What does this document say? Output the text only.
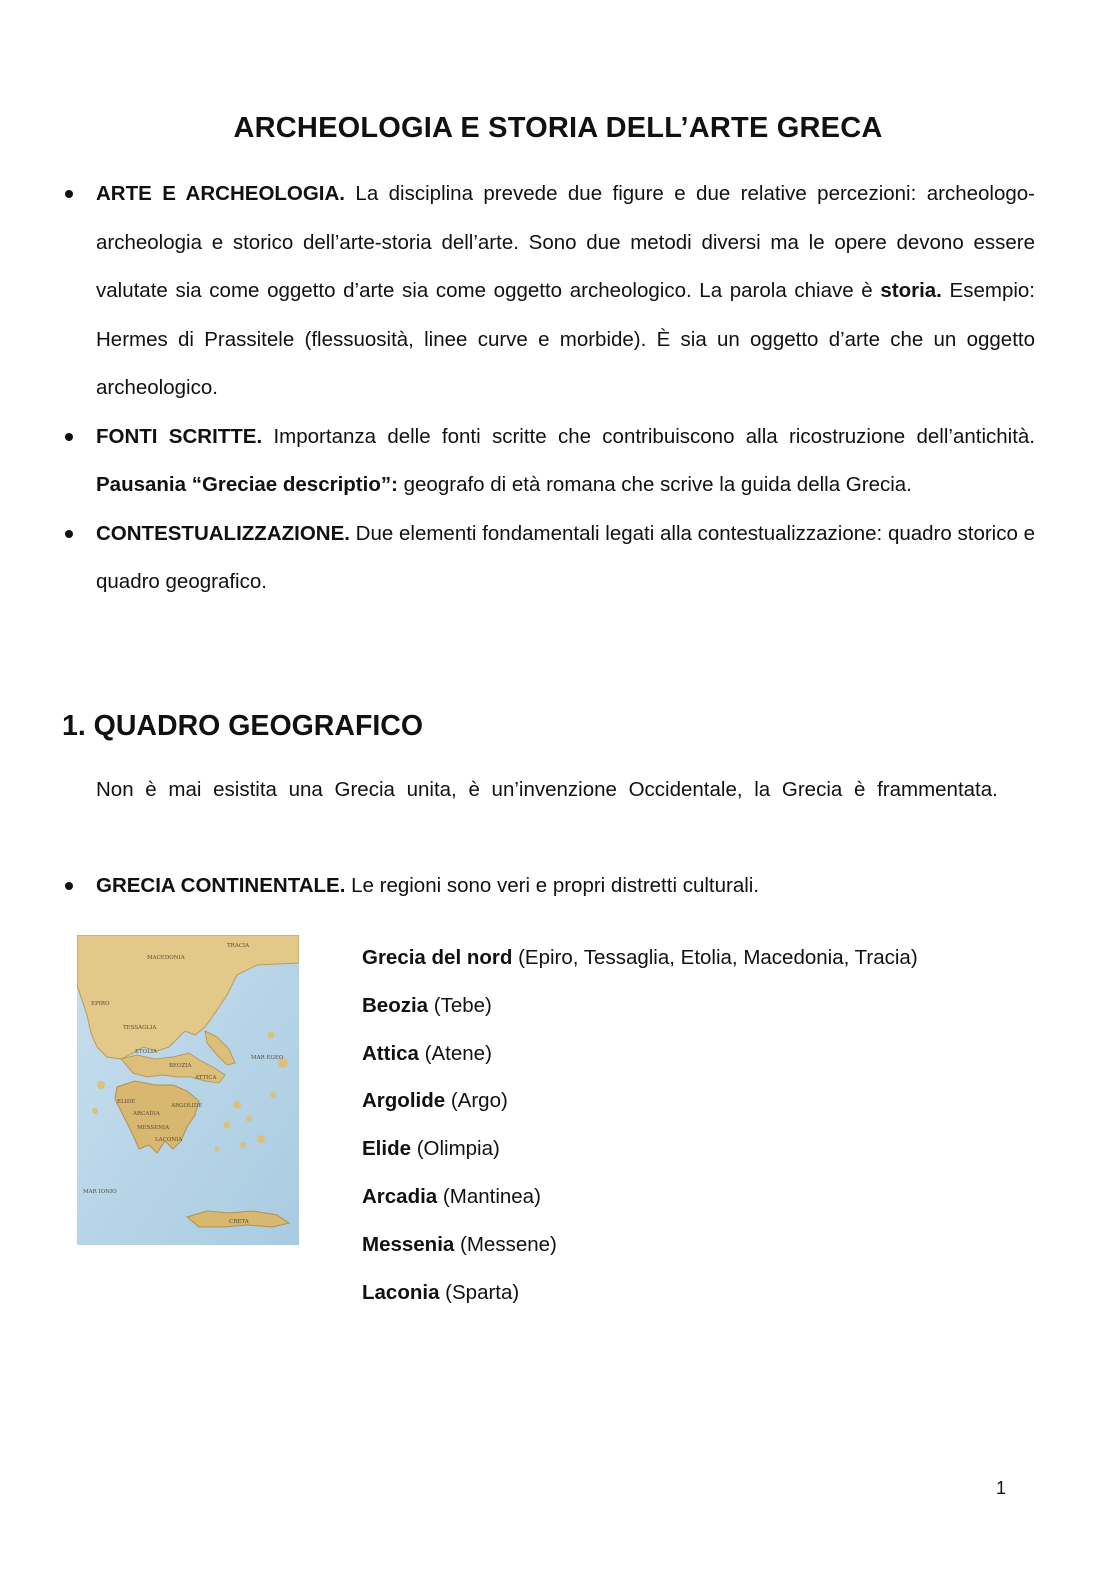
ARCHEOLOGIA E STORIA DELL’ARTE GRECA
ARTE E ARCHEOLOGIA. La disciplina prevede due figure e due relative percezioni: archeologo-archeologia e storico dell’arte-storia dell’arte. Sono due metodi diversi ma le opere devono essere valutate sia come oggetto d’arte sia come oggetto archeologico. La parola chiave è storia. Esempio: Hermes di Prassitele (flessuosità, linee curve e morbide). È sia un oggetto d’arte che un oggetto archeologico.
FONTI SCRITTE. Importanza delle fonti scritte che contribuiscono alla ricostruzione dell’antichità. Pausania “Greciae descriptio”: geografo di età romana che scrive la guida della Grecia.
CONTESTUALIZZAZIONE. Due elementi fondamentali legati alla contestualizzazione: quadro storico e quadro geografico.
1. QUADRO GEOGRAFICO

Non è mai esistita una Grecia unita, è un’invenzione Occidentale, la Grecia è frammentata.

GRECIA CONTINENTALE. Le regioni sono veri e propri distretti culturali.
TRACIA
MACEDONIA
EPIRO
TESSAGLIA
ETOLIA
BEOZIA
ATTICA
MAR EGEO
ELIDE
ARCADIA
ARGOLIDE
MESSENIA
LACONIA
MAR IONIO
CRETA
Grecia del nord (Epiro, Tessaglia, Etolia, Macedonia, Tracia)
Beozia (Tebe)
Attica (Atene)
Argolide (Argo)
Elide (Olimpia)
Arcadia (Mantinea)
Messenia (Messene)
Laconia (Sparta)
1
